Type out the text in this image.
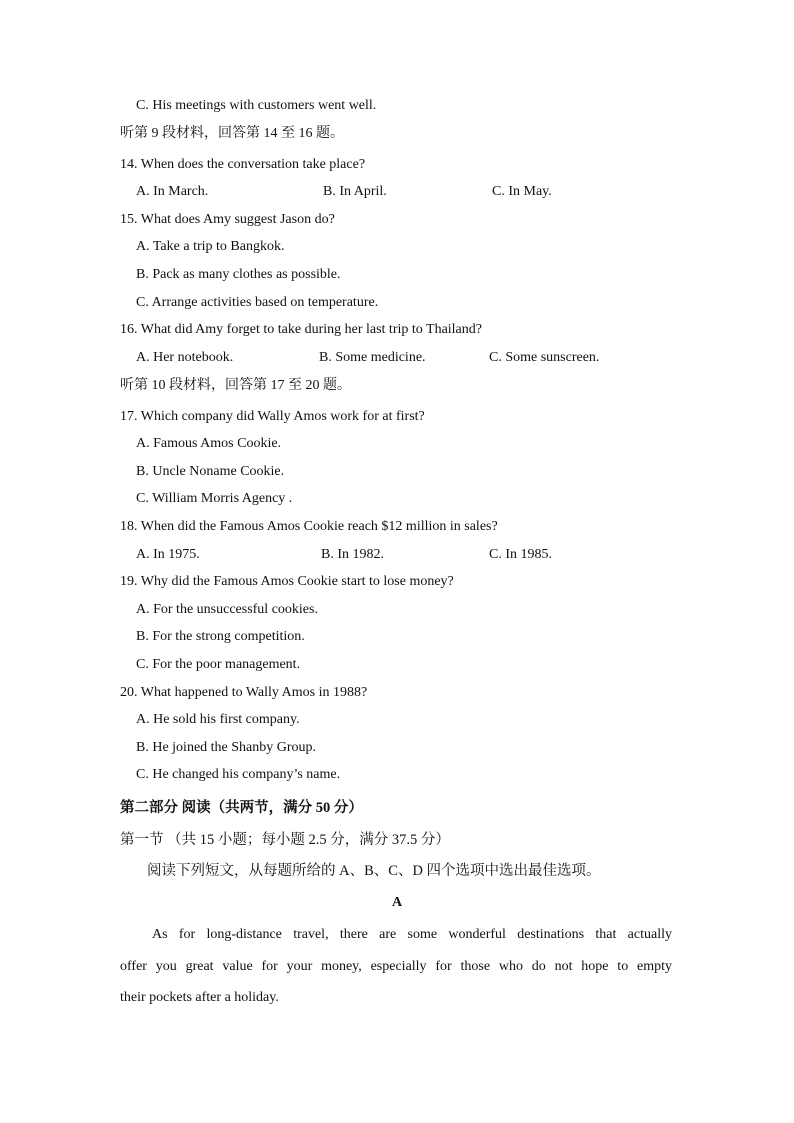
C. His meetings with customers went well.
听第 9 段材料，回答第 14 至 16 题。
14. When does the conversation take place?
A. In March.	B. In April.	C. In May.
15. What does Amy suggest Jason do?
A. Take a trip to Bangkok.
B. Pack as many clothes as possible.
C. Arrange activities based on temperature.
16. What did Amy forget to take during her last trip to Thailand?
A. Her notebook.	B. Some medicine.	C. Some sunscreen.
听第 10 段材料，回答第 17 至 20 题。
17. Which company did Wally Amos work for at first?
A. Famous Amos Cookie.
B. Uncle Noname Cookie.
C. William Morris Agency .
18. When did the Famous Amos Cookie reach $12 million in sales?
A. In 1975.	B. In 1982.	C. In 1985.
19. Why did the Famous Amos Cookie start to lose money?
A. For the unsuccessful cookies.
B. For the strong competition.
C. For the poor management.
20. What happened to Wally Amos in 1988?
A. He sold his first company.
B. He joined the Shanby Group.
C. He changed his company’s name.
第二部分 阅读（共两节，满分 50 分）
第一节 （共 15 小题；每小题 2.5 分，满分 37.5 分）
阅读下列短文，从每题所给的 A、B、C、D 四个选项中选出最佳选项。
A
As for long-distance travel, there are some wonderful destinations that actually
offer you great value for your money, especially for those who do not hope to empty
their pockets after a holiday.
